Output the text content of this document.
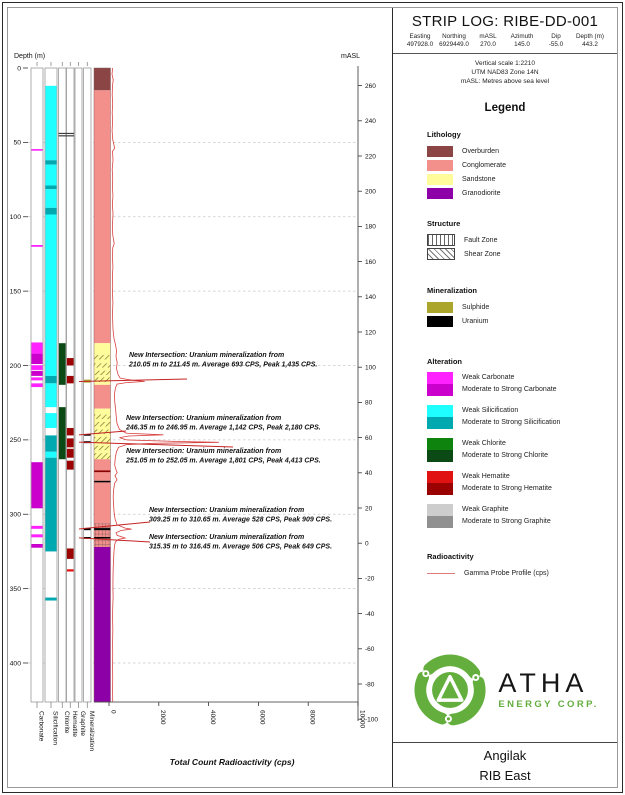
Depth (m)
0
50
100
150
200
250
300
350
400
mASL
260
240
220
200
180
160
140
120
100
80
60
40
20
0
-20
-40
-60
-80
-100
Carbonate Silicification Chlorite Hematite Graphite Mineralization 0	2000	4000	6000	8000	10000
Total Count Radioactivity (cps)
New Intersection: Uranium mineralization from
210.05 m to 211.45 m. Average 693 CPS, Peak 1,435 CPS.
New Intersection: Uranium mineralization from
246.35 m to 246.95 m. Average 1,142 CPS, Peak 2,180 CPS.
New Intersection: Uranium mineralization from
251.05 m to 252.05 m. Average 1,801 CPS, Peak 4,413 CPS.
New Intersection: Uranium mineralization from
309.25 m to 310.65 m. Average 528 CPS, Peak 909 CPS.
New Intersection: Uranium mineralization from
315.35 m to 316.45 m. Average 506 CPS, Peak 649 CPS.
STRIP LOG: RIBE-DD-001
Easting
497928.0
Northing
6929449.0
mASL
270.0
Azimuth
145.0
Dip
-55.0
Depth (m)
443.2
Vertical scale 1:2210
UTM NAD83 Zone 14N
mASL: Metres above sea level
Legend
Lithology
Overburden
Conglomerate
Sandstone
Granodiorite
Structure
Fault Zone
Shear Zone
Mineralization
Sulphide
Uranium
Alteration
Weak Carbonate
Moderate to Strong Carbonate
Weak Silicification
Moderate to Strong Silicification
Weak Chlorite
Moderate to Strong Chlorite
Weak Hematite
Moderate to Strong Hematite
Weak Graphite
Moderate to Strong Graphite
Radioactivity
Gamma Probe Profile (cps)
ATHA
ENERGY CORP.
Angilak
RIB East
